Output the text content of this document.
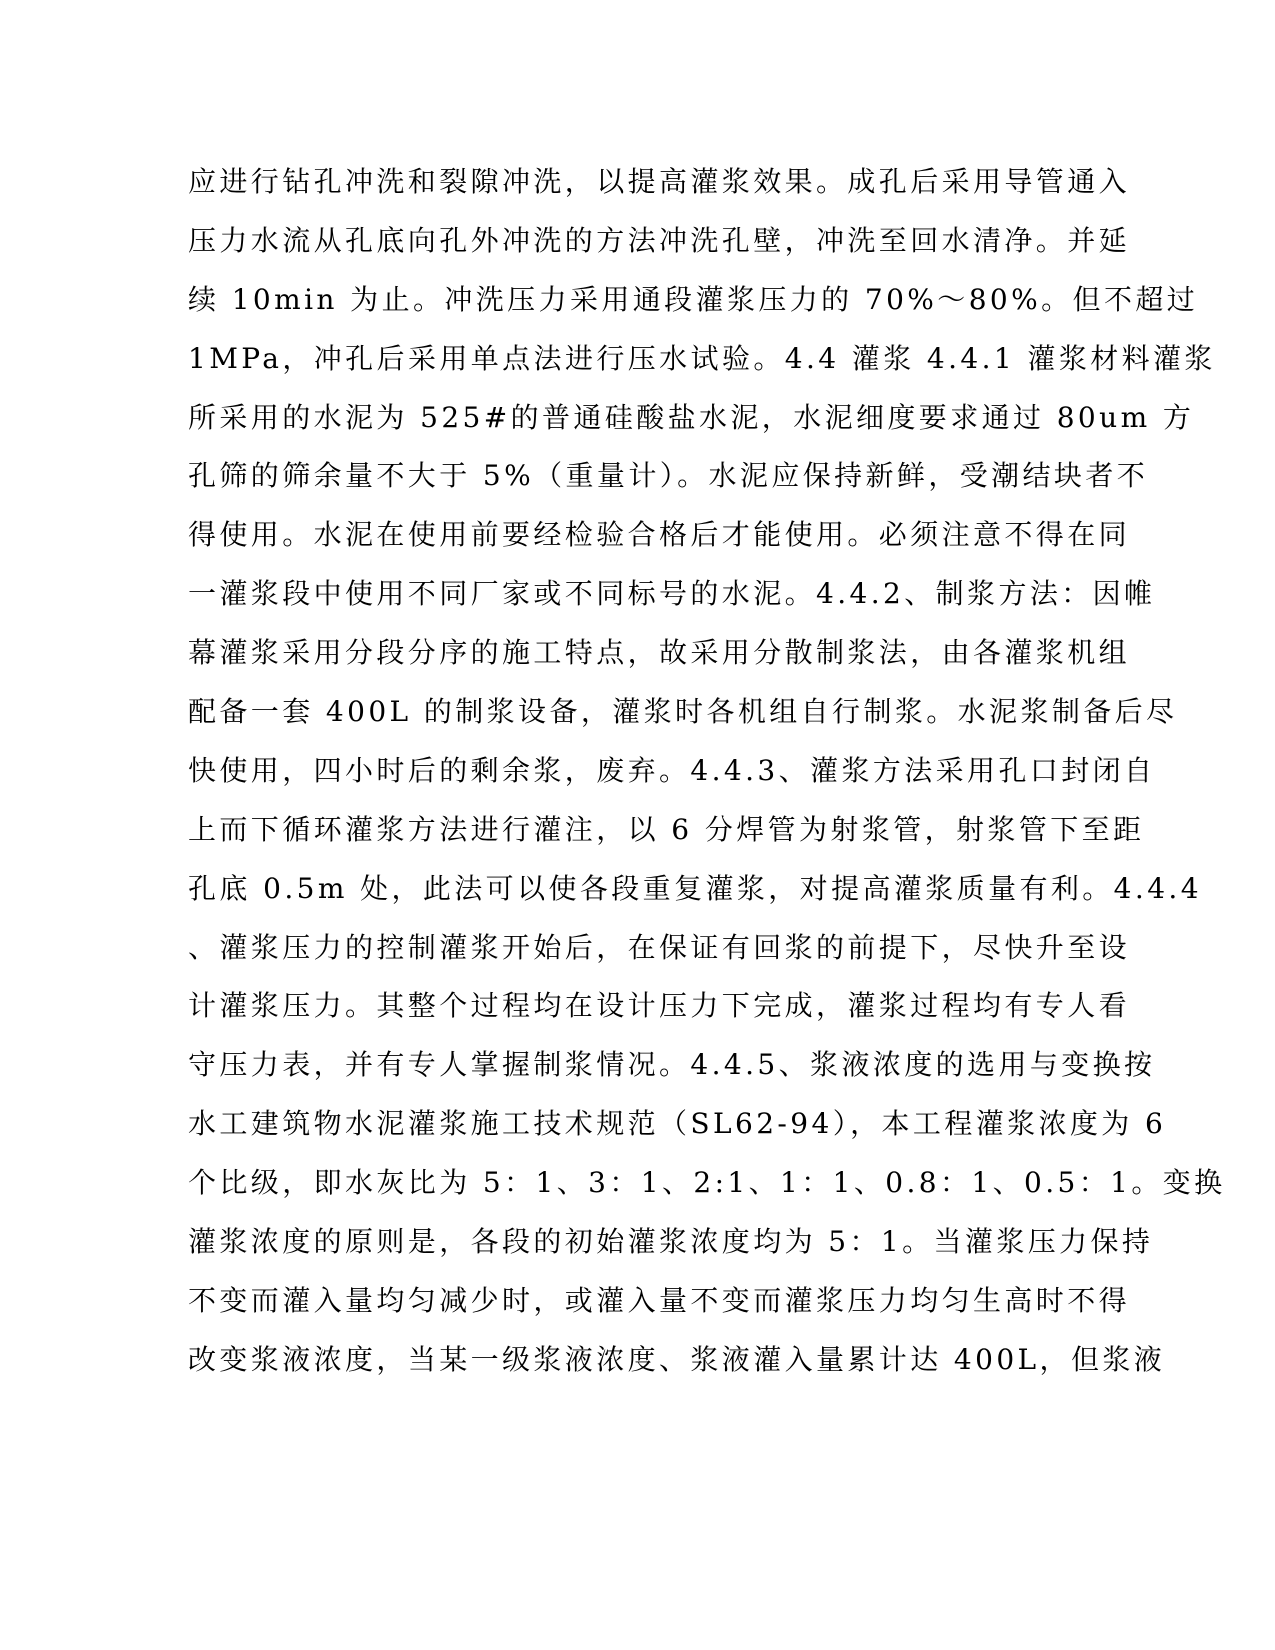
应进行钻孔冲洗和裂隙冲洗，以提高灌浆效果。成孔后采用导管通入
压力水流从孔底向孔外冲洗的方法冲洗孔壁，冲洗至回水清净。并延
续 10min 为止。冲洗压力采用通段灌浆压力的 70%～80%。但不超过
1MPa，冲孔后采用单点法进行压水试验。4.4 灌浆 4.4.1 灌浆材料灌浆
所采用的水泥为 525#的普通硅酸盐水泥，水泥细度要求通过 80um 方
孔筛的筛余量不大于 5%（重量计）。水泥应保持新鲜，受潮结块者不
得使用。水泥在使用前要经检验合格后才能使用。必须注意不得在同
一灌浆段中使用不同厂家或不同标号的水泥。4.4.2、制浆方法：因帷
幕灌浆采用分段分序的施工特点，故采用分散制浆法，由各灌浆机组
配备一套 400L 的制浆设备，灌浆时各机组自行制浆。水泥浆制备后尽
快使用，四小时后的剩余浆，废弃。4.4.3、灌浆方法采用孔口封闭自
上而下循环灌浆方法进行灌注，以 6 分焊管为射浆管，射浆管下至距
孔底 0.5m 处，此法可以使各段重复灌浆，对提高灌浆质量有利。4.4.4
、灌浆压力的控制灌浆开始后，在保证有回浆的前提下，尽快升至设
计灌浆压力。其整个过程均在设计压力下完成，灌浆过程均有专人看
守压力表，并有专人掌握制浆情况。4.4.5、浆液浓度的选用与变换按
水工建筑物水泥灌浆施工技术规范（SL62-94），本工程灌浆浓度为 6
个比级，即水灰比为 5：1、3：1、2:1、1：1、0.8：1、0.5：1。变换
灌浆浓度的原则是，各段的初始灌浆浓度均为 5：1。当灌浆压力保持
不变而灌入量均匀减少时，或灌入量不变而灌浆压力均匀生高时不得
改变浆液浓度，当某一级浆液浓度、浆液灌入量累计达 400L，但浆液
